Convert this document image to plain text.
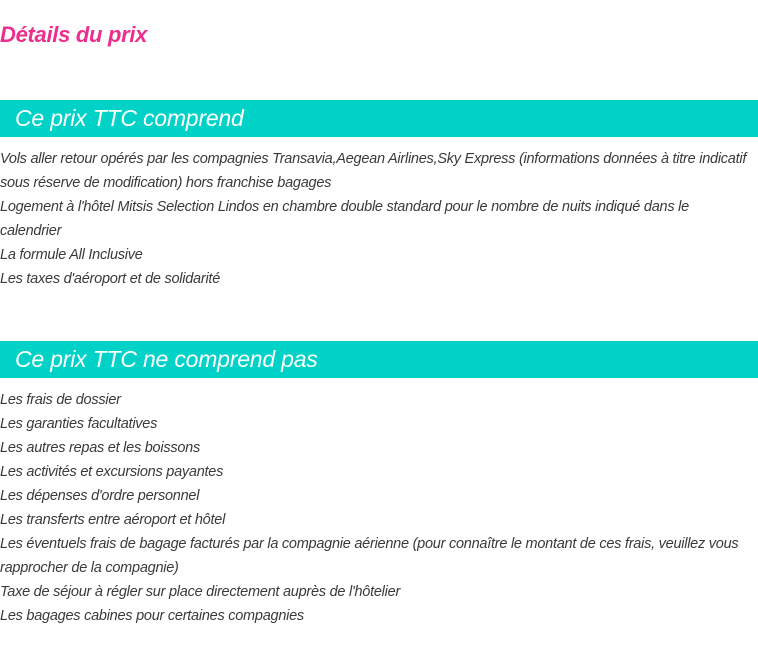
Détails du prix
Ce prix TTC comprend
Vols aller retour opérés par les compagnies Transavia,Aegean Airlines,Sky Express (informations données à titre indicatif sous réserve de modification) hors franchise bagages
Logement à l'hôtel Mitsis Selection Lindos en chambre double standard pour le nombre de nuits indiqué dans le calendrier
La formule All Inclusive
Les taxes d'aéroport et de solidarité
Ce prix TTC ne comprend pas
Les frais de dossier
Les garanties facultatives
Les autres repas et les boissons
Les activités et excursions payantes
Les dépenses d'ordre personnel
Les transferts entre aéroport et hôtel
Les éventuels frais de bagage facturés par la compagnie aérienne (pour connaître le montant de ces frais, veuillez vous rapprocher de la compagnie)
Taxe de séjour à régler sur place directement auprès de l'hôtelier
Les bagages cabines pour certaines compagnies
